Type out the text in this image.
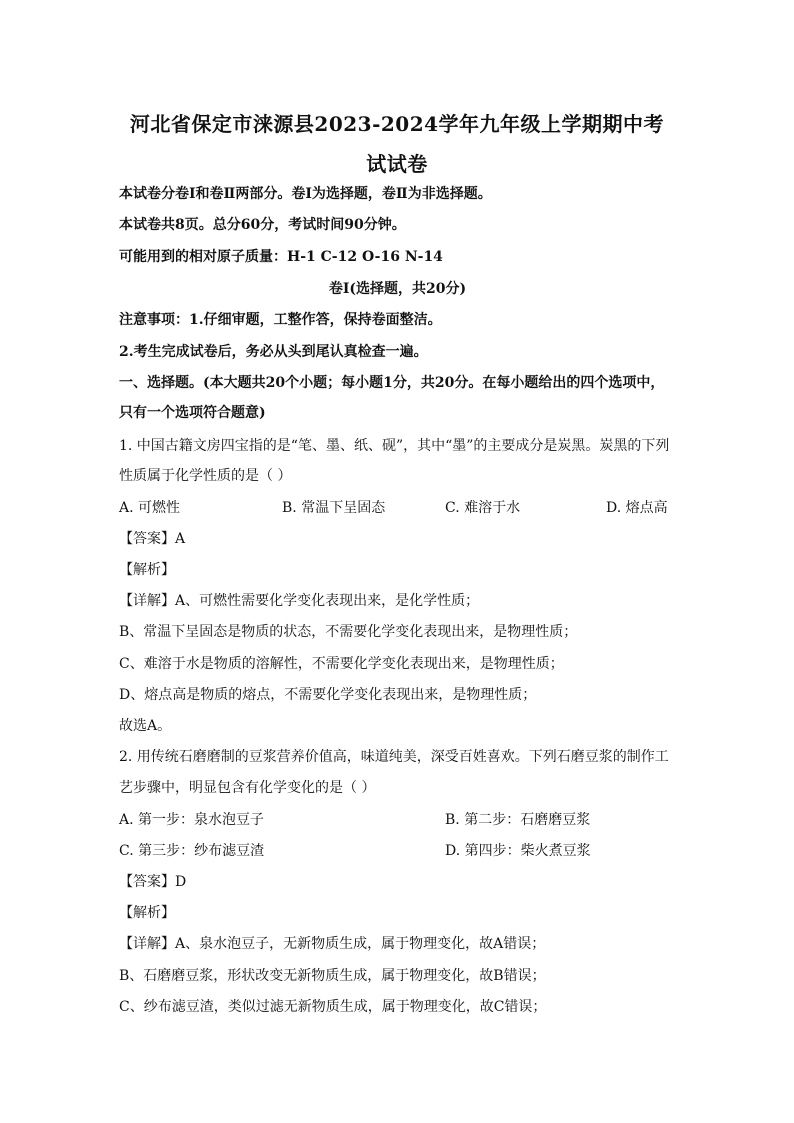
河北省保定市涞源县2023-2024学年九年级上学期期中考
试试卷
本试卷分卷I和卷Ⅱ两部分。卷I为选择题，卷Ⅱ为非选择题。
本试卷共8页。总分60分，考试时间90分钟。
可能用到的相对原子质量：H-1 C-12 O-16 N-14
卷I(选择题，共20分)
注意事项：1.仔细审题，工整作答，保持卷面整洁。
2.考生完成试卷后，务必从头到尾认真检查一遍。
一、选择题。(本大题共20个小题；每小题1分，共20分。在每小题给出的四个选项中，
只有一个选项符合题意)
1. 中国古籍文房四宝指的是“笔、墨、纸、砚”，其中“墨”的主要成分是炭黑。炭黑的下列
性质属于化学性质的是（ ）
A. 可燃性	B. 常温下呈固态	C. 难溶于水	D. 熔点高
【答案】A
【解析】
【详解】A、可燃性需要化学变化表现出来，是化学性质；
B、常温下呈固态是物质的状态，不需要化学变化表现出来，是物理性质；
C、难溶于水是物质的溶解性，不需要化学变化表现出来，是物理性质；
D、熔点高是物质的熔点，不需要化学变化表现出来，是物理性质；
故选A。
2. 用传统石磨磨制的豆浆营养价值高，味道纯美，深受百姓喜欢。下列石磨豆浆的制作工
艺步骤中，明显包含有化学变化的是（ ）
A. 第一步：泉水泡豆子	B. 第二步：石磨磨豆浆
C. 第三步：纱布滤豆渣	D. 第四步：柴火煮豆浆
【答案】D
【解析】
【详解】A、泉水泡豆子，无新物质生成，属于物理变化，故A错误；
B、石磨磨豆浆，形状改变无新物质生成，属于物理变化，故B错误；
C、纱布滤豆渣，类似过滤无新物质生成，属于物理变化，故C错误；
